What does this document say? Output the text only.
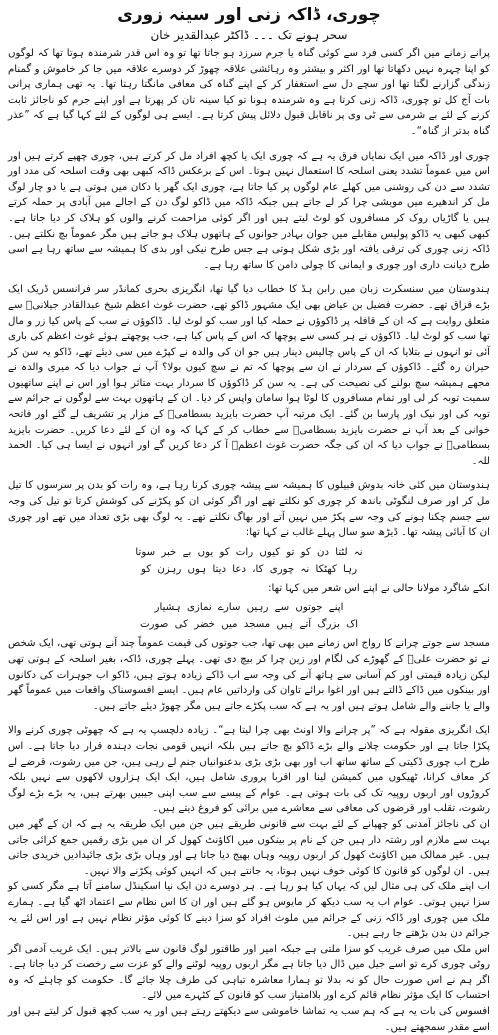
چوری، ڈاکہ زنی اور سینہ زوری
سحر ہونے تک ۔۔۔ ڈاکٹر عبدالقدیر خان

پرانے زمانے میں اگر کسی فرد سے کوئی گناہ یا جرم سرزد ہو جاتا تھا تو وہ اس قدر شرمندہ ہوتا تھا کہ لوگوں کو اپنا چہرہ نہیں دکھاتا تھا اور اکثر و بیشتر وہ رہائشی علاقہ چھوڑ کر دوسرے علاقہ میں جا کر خاموش و گمنام زندگی گزارنے لگتا تھا اور سچے دل سے استغفار کر کے اپنے گناہ کی معافی مانگتا رہتا تھا۔ یہ تھی ہماری پرانی بات آج کل تو چوری، ڈاکہ زنی کرتا ہے وہ شرمندہ ہونا تو کیا سینہ تان کر پھرتا ہے اور اپنے جرم کو ناجائز ثابت کرنے کے لئے بے شرمی سے ٹی وی پر ناقابل قبول دلائل پیش کرتا ہے۔ ایسے ہی لوگوں کے لئے کہا گیا ہے کہ ”عذر گناہ بدتر از گناہ“۔

چوری اور ڈاکہ میں ایک نمایاں فرق یہ ہے کہ چوری ایک یا کچھ افراد مل کر کرتے ہیں، چوری چھپے کرتے ہیں اور اس میں عموماً تشدد یعنی اسلحہ کا استعمال نہیں ہوتا۔ اس کے برعکس ڈاکہ کبھی بھی وقت اسلحہ کی مدد اور تشدد سے دن کی روشنی میں کھلے عام لوگوں پر کیا جاتا ہے، چوری ایک گھر یا دکان میں ہوتی ہے یا دو چار لوگ مل کر اندھیرے میں مویشی چرا کر لے جاتے ہیں جبکہ ڈاکہ میں ڈاکو لوگ دن کے اجالے میں آبادی پر حملہ کرتے ہیں یا گاڑیاں روک کر مسافروں کو لوٹ لیتے ہیں اور اگر کوئی مزاحمت کرنے والوں کو ہلاک کر دیا جاتا ہے۔ کبھی کبھی یہ ڈاکو پولیس مقابلے میں جوان بہادر جوانوں کے ہاتھوں ہلاک ہو جاتے ہیں مگر عموماً بچ نکلتے ہیں۔ ڈاکہ زنی چوری کی ترقی یافتہ اور بڑی شکل ہوتی ہے جس طرح نیکی اور بدی کا ہمیشہ سے ساتھ رہا ہے اسی طرح دیانت داری اور چوری و ایمانی کا چولی دامن کا ساتھ رہا ہے۔

ہندوستان میں سنسکرت زبان میں رابن ہڈ کا خطاب دیا گیا تھا، انگریزی بحری کمانڈر سر فرانسس ڈریک ایک بڑے قزاق تھے۔ حضرت فضیل بن عیاض بھی ایک مشہور ڈاکو تھے، حضرت غوث اعظم شیخ عبدالقادر جیلانیؒ سے متعلق روایت ہے کہ ان کے قافلہ پر ڈاکوؤں نے حملہ کیا اور سب کو لوٹ لیا۔ ڈاکوؤں نے سب کے پاس کیا زر و مال تھا سب کو لوٹ لیا۔ ڈاکوؤں نے ہر کسی سے پوچھا کہ اس کے پاس کیا ہے، جب پوچھتے ہوئے غوث اعظم کی باری آئی تو انہوں نے بتلایا کہ ان کے پاس چالیس دینار ہیں جو ان کی والدہ نے کپڑے میں سی دیئے تھے، ڈاکو یہ سن کر حیران رہ گئے۔ ڈاکوؤں کے سردار نے ان سے پوچھا کہ تم نے سچ کیوں بولا؟ آپ نے جواب دیا کہ میری والدہ نے مجھے ہمیشہ سچ بولنے کی نصیحت کی ہے۔ یہ سن کر ڈاکوؤں کا سردار بہت متاثر ہوا اور اس نے اپنے ساتھیوں سمیت توبہ کر لی اور تمام مسافروں کا لوٹا ہوا سامان واپس کر دیا۔ ان کے ہاتھوں بہت سے لوگوں نے جرائم سے توبہ کی اور نیک اور پارسا بن گئے۔ ایک مرتبہ آپ حضرت بایزید بسطامیؒ کے مزار پر تشریف لے گئے اور فاتحہ خوانی کے بعد آپ نے حضرت بایزید بسطامیؒ سے خطاب کر کے کہا کہ وہ ان کے لئے دعا کریں۔ حضرت بایزید بسطامیؒ نے جواب دیا کہ ان کی جگہ حضرت غوث اعظمؒ آ کر دعا کریں گے اور انہوں نے ایسا ہی کیا۔ الحمد للہ۔

ہندوستان میں کئی خانہ بدوش قبیلوں کا ہمیشہ سے پیشہ چوری کرنا رہا ہے، وہ رات کو بدن پر سرسوں کا تیل مل کر اور صرف لنگوٹی باندھ کر چوری کو نکلتے تھے اور اگر کوئی ان کو پکڑنے کی کوشش کرتا تو تیل کی وجہ سے جسم چکنا ہونے کی وجہ سے پکڑ میں نہیں آتے اور بھاگ نکلتے تھے۔ یہ لوگ بھی بڑی تعداد میں تھے اور چوری ان کا آبائی پیشہ تھا۔ ڈیڑھ سو سال پہلے غالب نے کہا تھا:

نہ لٹتا دن کو تو کیوں رات کو یوں بے خبر سوتا
رہا کھٹکا نہ چوری کا، دعا دیتا ہوں رہزن کو

انکے شاگرد مولانا حالی نے اپنے اس شعر میں کہا تھا:

اپنے جوتوں سے رہیں سارے نمازی ہشیار
اک بزرگ آتے ہیں مسجد میں خضر کی صورت

مسجد سے جوتے چرانے کا رواج اس زمانے میں بھی تھا، جب جوتوں کی قیمت عموماً چند آنے ہوتی تھی، ایک شخص نے تو حضرت علیؓ کے گھوڑے کی لگام اور زین چرا کر بیچ دی تھی۔ پہلے چوری، ڈاکہ، بغیر اسلحہ کے ہوتی تھی لیکن زیادہ قیمتی اور کم آسانی سے ہاتھ آنے کی وجہ سے اب ڈاکے زیادہ ہوتے ہیں، ڈاکو اب جوہرات کی دکانوں اور بینکوں میں ڈاکے ڈالتے ہیں اور اغوا برائے تاوان کی وارداتیں عام ہیں۔ ایسے افسوسناک واقعات میں عموماً گھر والے یا جاننے والے شامل ہوتے ہیں اور یہ ہے کہ سب پکڑے جاتے ہیں مگر چھوڑ دیئے جاتے ہیں۔

ایک انگریزی مقولہ ہے کہ ”پر چرانے والا اونٹ بھی چرا لیتا ہے“۔ زیادہ دلچسپ یہ ہے کہ چھوٹی چوری کرنے والا پکڑا جاتا ہے اور حکومت چلانے والے بڑے ڈاکو بچ جاتے ہیں بلکہ انہیں قومی نجات دہندہ قرار دیا جاتا ہے۔ اس طرح اب چوری ڈکیتی کے ساتھ ساتھ اب اور بھی بڑی بڑی بدعنوانیاں جنم لے رہی ہیں، جن میں رشوت، قرضے لے کر معاف کرانا، ٹھیکوں میں کمیشن لینا اور اقربا پروری شامل ہیں، ایک ایک ہزاروں لاکھوں سے نہیں بلکہ کروڑوں اور اربوں روپیہ تک کی بات ہوتی ہے۔ عوام کے پیسے سے سب اپنی جیبیں بھرتے ہیں، یہ بڑے بڑے لوگ رشوت، تقلب اور قرضوں کی معافی سے معاشرے میں برائی کو فروغ دیتے ہیں۔

ان کی ناجائز آمدنی کو چھپانے کے لئے بہت سے قانونی طریقے ہیں جن میں ایک طریقہ یہ ہے کہ ان کے گھر میں بہت سے ملازم اور رشتہ دار ہیں جن کے نام پر بینکوں میں اکاؤنٹ کھول کر ان میں بڑی رقمیں جمع کرائی جاتی ہیں۔ غیر ممالک میں اکاؤنٹ کھول کر اربوں روپیہ وہاں بھیج دیا جاتا ہے اور وہاں بڑی بڑی جائیدادیں خریدی جاتی ہیں۔ ان لوگوں کو قانون کا کوئی خوف نہیں ہوتا، یہ جانتے ہیں کہ انہیں کوئی پکڑنے والا نہیں۔

اب اپنے ملک کی ہی مثال لیں کہ یہاں کیا ہو رہا ہے۔ ہر دوسرے دن ایک نیا اسکینڈل سامنے آتا ہے مگر کسی کو سزا نہیں ہوتی۔ عوام اب یہ سب دیکھ کر مایوس ہو گئے ہیں اور ان کا اس نظام سے اعتماد اٹھ گیا ہے۔ ہمارے ملک میں چوری اور ڈاکہ زنی کے جرائم میں ملوث افراد کو سزا دینے کا کوئی مؤثر نظام نہیں ہے اور اس لئے یہ جرائم دن بدن بڑھتے جا رہے ہیں۔

اس ملک میں صرف غریب کو سزا ملتی ہے جبکہ امیر اور طاقتور لوگ قانون سے بالاتر ہیں۔ ایک غریب آدمی اگر روٹی چوری کرے تو اسے جیل میں ڈال دیا جاتا ہے مگر اربوں روپیہ لوٹنے والے کو عزت سے رخصت کر دیا جاتا ہے۔ اگر ہم نے اس صورت حال کو نہ بدلا تو ہمارا معاشرہ تباہی کی طرف چلا جائے گا۔ حکومت کو چاہئے کہ وہ احتساب کا ایک مؤثر نظام قائم کرے اور بلاامتیاز سب کو قانون کے کٹہرے میں لائے۔

افسوس کی بات یہ ہے کہ ہم سب یہ تماشا خاموشی سے دیکھتے رہتے ہیں اور یہ سب کچھ قبول کر لیتے ہیں اور اسے مقدر سمجھتے ہیں۔
